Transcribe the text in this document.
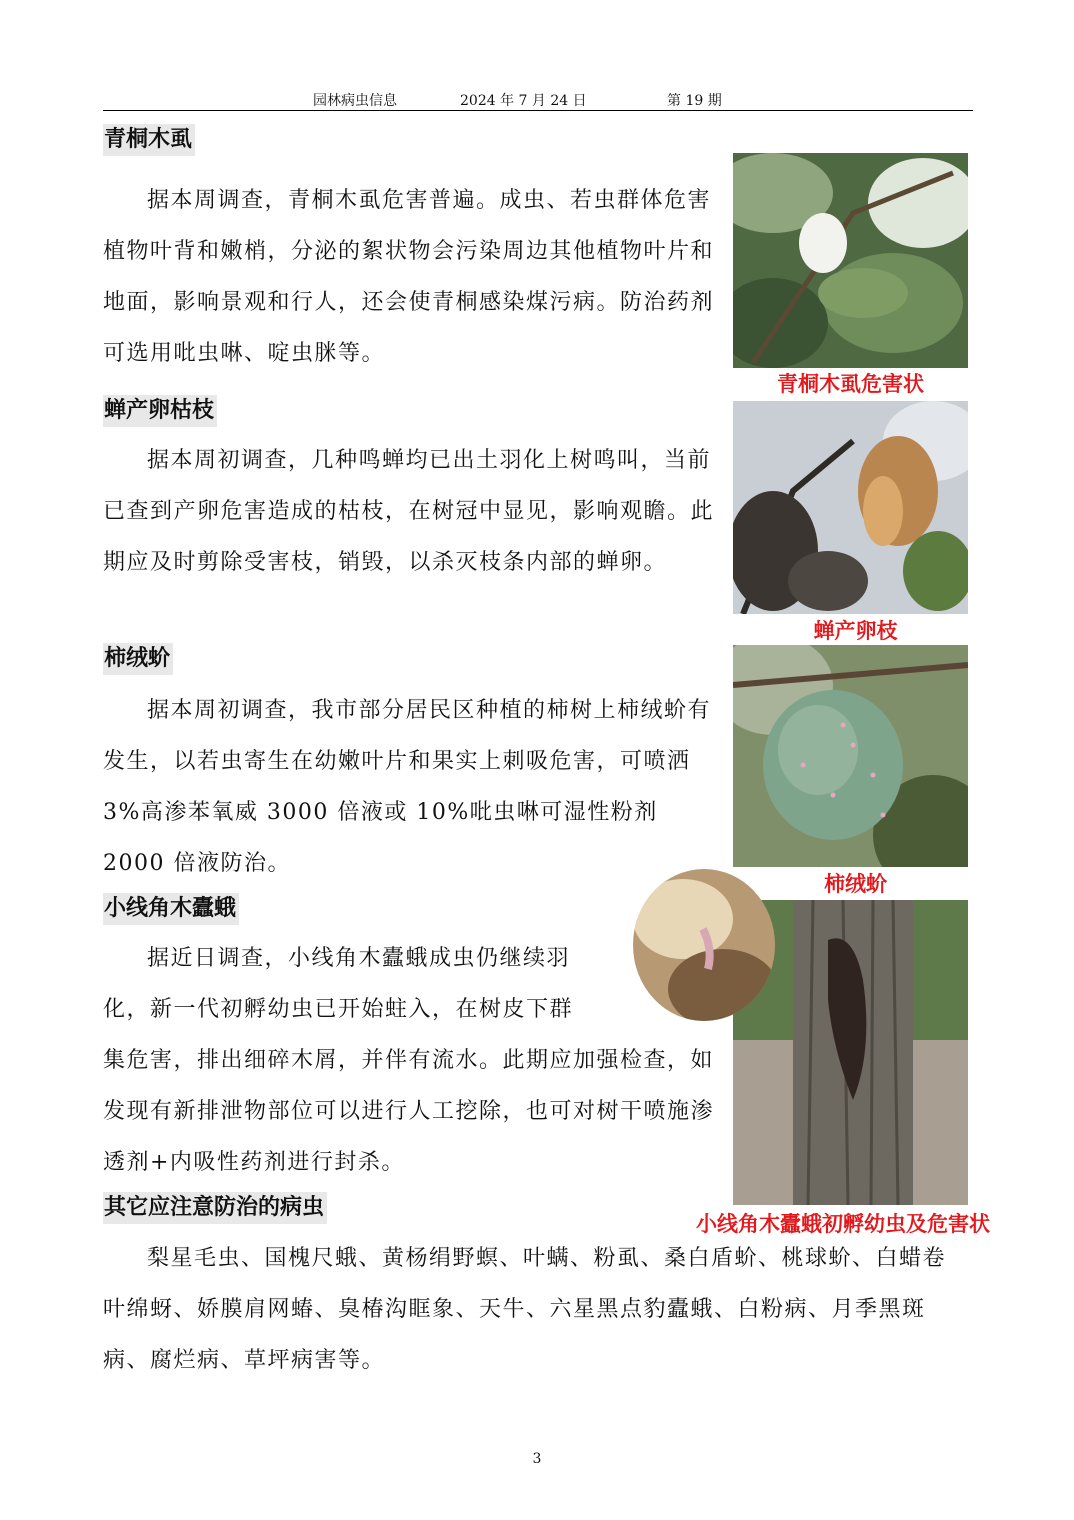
园林病虫信息	2024 年 7 月 24 日	第 19 期
青桐木虱

据本周调查，青桐木虱危害普遍。成虫、若虫群体危害植物叶背和嫩梢，分泌的絮状物会污染周边其他植物叶片和地面，影响景观和行人，还会使青桐感染煤污病。防治药剂可选用吡虫啉、啶虫脒等。

青桐木虱危害状
蝉产卵枯枝

据本周初调查，几种鸣蝉均已出土羽化上树鸣叫，当前已查到产卵危害造成的枯枝，在树冠中显见，影响观瞻。此期应及时剪除受害枝，销毁，以杀灭枝条内部的蝉卵。

蝉产卵枝
柿绒蚧

据本周初调查，我市部分居民区种植的柿树上柿绒蚧有发生，以若虫寄生在幼嫩叶片和果实上刺吸危害，可喷洒 3%高渗苯氧威 3000 倍液或 10%吡虫啉可湿性粉剂 2000 倍液防治。

柿绒蚧
小线角木蠹蛾

据近日调查，小线角木蠹蛾成虫仍继续羽

化，新一代初孵幼虫已开始蛀入，在树皮下群

集危害，排出细碎木屑，并伴有流水。此期应加强检查，如发现有新排泄物部位可以进行人工挖除，也可对树干喷施渗透剂+内吸性药剂进行封杀。

小线角木蠹蛾初孵幼虫及危害状
其它应注意防治的病虫

梨星毛虫、国槐尺蛾、黄杨绢野螟、叶螨、粉虱、桑白盾蚧、桃球蚧、白蜡卷叶绵蚜、娇膜肩网蝽、臭椿沟眶象、天牛、六星黑点豹蠹蛾、白粉病、月季黑斑病、腐烂病、草坪病害等。

3
